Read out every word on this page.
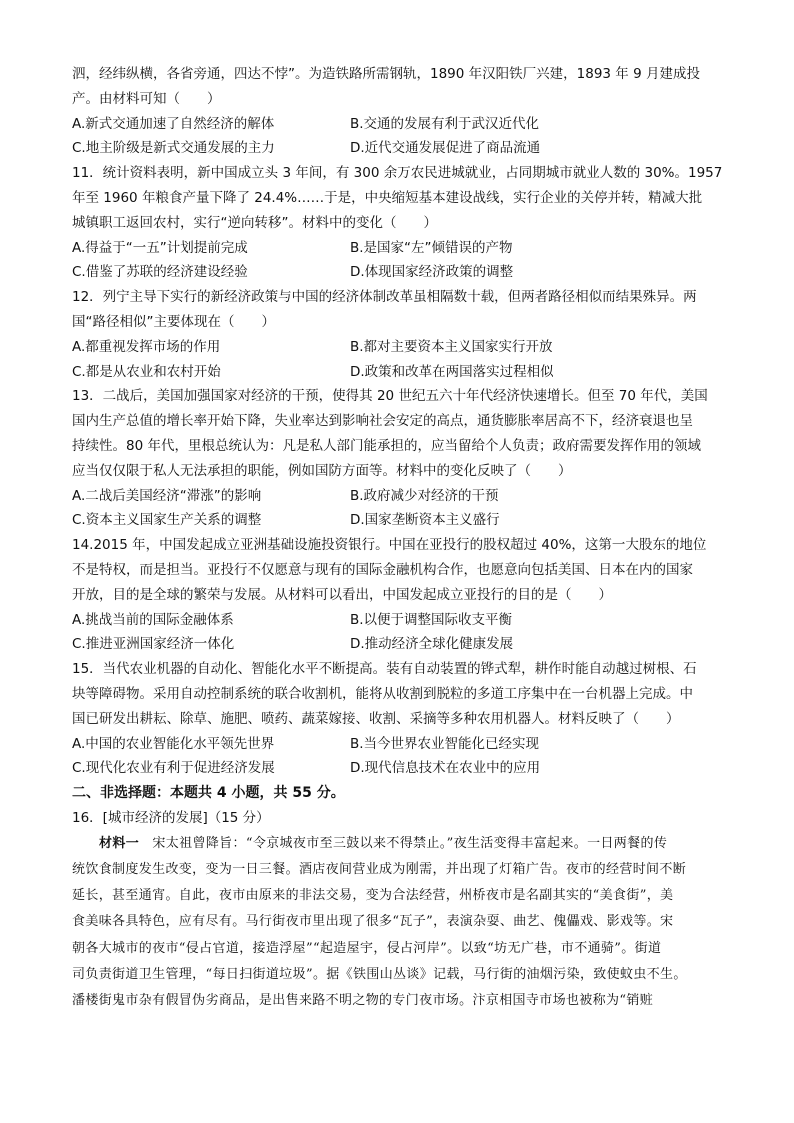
泗，经纬纵横，各省旁通，四达不悖”。为造铁路所需钢轨，1890 年汉阳铁厂兴建，1893 年 9 月建成投
产。由材料可知（　　）
A.新式交通加速了自然经济的解体	B.交通的发展有利于武汉近代化
C.地主阶级是新式交通发展的主力	D.近代交通发展促进了商品流通
11．统计资料表明，新中国成立头 3 年间，有 300 余万农民进城就业，占同期城市就业人数的 30%。1957
年至 1960 年粮食产量下降了 24.4%……于是，中央缩短基本建设战线，实行企业的关停并转，精减大批
城镇职工返回农村，实行“逆向转移”。材料中的变化（　　）
A.得益于“一五”计划提前完成	B.是国家“左”倾错误的产物
C.借鉴了苏联的经济建设经验	D.体现国家经济政策的调整
12．列宁主导下实行的新经济政策与中国的经济体制改革虽相隔数十载，但两者路径相似而结果殊异。两
国“路径相似”主要体现在（　　）
A.都重视发挥市场的作用	B.都对主要资本主义国家实行开放
C.都是从农业和农村开始	D.政策和改革在两国落实过程相似
13．二战后，美国加强国家对经济的干预，使得其 20 世纪五六十年代经济快速增长。但至 70 年代，美国
国内生产总值的增长率开始下降，失业率达到影响社会安定的高点，通货膨胀率居高不下，经济衰退也呈
持续性。80 年代，里根总统认为：凡是私人部门能承担的，应当留给个人负责；政府需要发挥作用的领域
应当仅仅限于私人无法承担的职能，例如国防方面等。材料中的变化反映了（　　）
A.二战后美国经济“滞涨”的影响	B.政府减少对经济的干预
C.资本主义国家生产关系的调整	D.国家垄断资本主义盛行
14.2015 年，中国发起成立亚洲基础设施投资银行。中国在亚投行的股权超过 40%，这第一大股东的地位
不是特权，而是担当。亚投行不仅愿意与现有的国际金融机构合作，也愿意向包括美国、日本在内的国家
开放，目的是全球的繁荣与发展。从材料可以看出，中国发起成立亚投行的目的是（　　）
A.挑战当前的国际金融体系	B.以便于调整国际收支平衡
C.推进亚洲国家经济一体化	D.推动经济全球化健康发展
15．当代农业机器的自动化、智能化水平不断提高。装有自动装置的铧式犁，耕作时能自动越过树根、石
块等障碍物。采用自动控制系统的联合收割机，能将从收割到脱粒的多道工序集中在一台机器上完成。中
国已研发出耕耘、除草、施肥、喷药、蔬菜嫁接、收割、采摘等多种农用机器人。材料反映了（　　）
A.中国的农业智能化水平领先世界	B.当今世界农业智能化已经实现
C.现代化农业有利于促进经济发展	D.现代信息技术在农业中的应用
二、非选择题：本题共 4 小题，共 55 分。
16．[城市经济的发展]（15 分）
材料一　宋太祖曾降旨：“令京城夜市至三鼓以来不得禁止。”夜生活变得丰富起来。一日两餐的传
统饮食制度发生改变，变为一日三餐。酒店夜间营业成为刚需，并出现了灯箱广告。夜市的经营时间不断
延长，甚至通宵。自此，夜市由原来的非法交易，变为合法经营，州桥夜市是名副其实的“美食街”，美
食美味各具特色，应有尽有。马行街夜市里出现了很多“瓦子”，表演杂耍、曲艺、傀儡戏、影戏等。宋
朝各大城市的夜市“侵占官道，接造浮屋”“起造屋宇，侵占河岸”。以致“坊无广巷，市不通骑”。街道
司负责街道卫生管理，“每日扫街道垃圾”。据《铁围山丛谈》记载，马行街的油烟污染，致使蚊虫不生。
潘楼街鬼市杂有假冒伪劣商品，是出售来路不明之物的专门夜市场。汴京相国寺市场也被称为“销赃
